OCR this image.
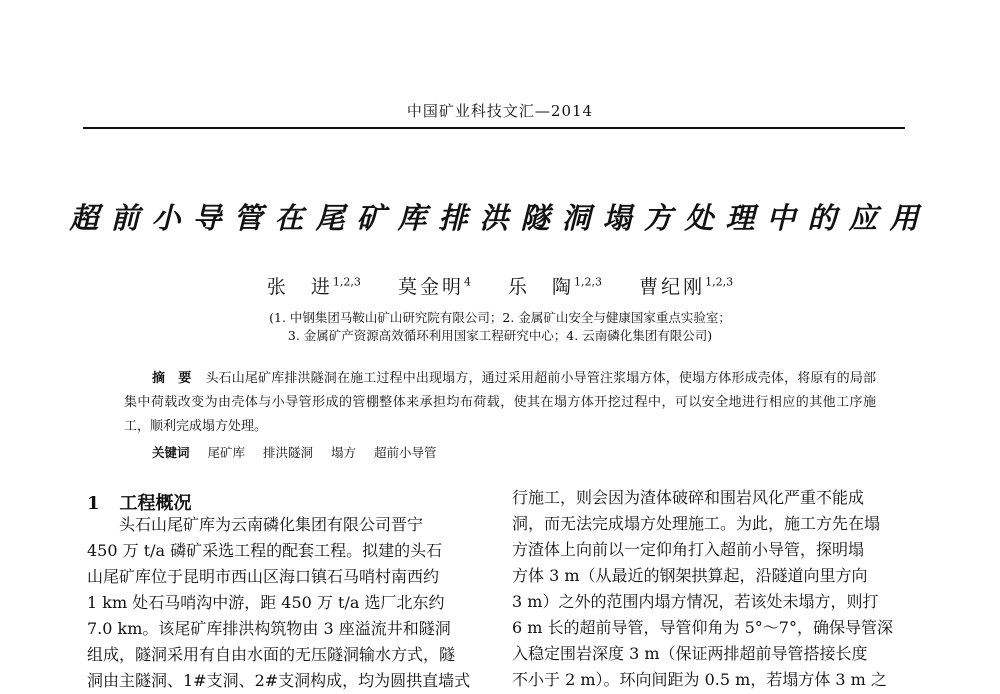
中国矿业科技文汇—2014
超前小导管在尾矿库排洪隧洞塌方处理中的应用
张　进$^{1,2,3}$ 莫金明$^4$ 乐　陶$^{1,2,3}$ 曹纪刚$^{1,2,3}$
(1. 中钢集团马鞍山矿山研究院有限公司；2. 金属矿山安全与健康国家重点实验室；
3. 金属矿产资源高效循环利用国家工程研究中心；4. 云南磷化集团有限公司)
摘　要 头石山尾矿库排洪隧洞在施工过程中出现塌方，通过采用超前小导管注浆塌方体，使塌方体形成壳体，将原有的局部集中荷载改变为由壳体与小导管形成的管棚整体来承担均布荷载，使其在塌方体开挖过程中，可以安全地进行相应的其他工序施工，顺利完成塌方处理。
关键词 尾矿库 排洪隧洞 塌方 超前小导管
1 工程概况
　　头石山尾矿库为云南磷化集团有限公司晋宁
450 万 t/a 磷矿采选工程的配套工程。拟建的头石
山尾矿库位于昆明市西山区海口镇石马哨村南西约
1 km 处石马哨沟中游，距 450 万 t/a 选厂北东约
7.0 km。该尾矿库排洪构筑物由 3 座溢流井和隧洞
组成，隧洞采用有自由水面的无压隧洞输水方式，隧
洞由主隧洞、1#支洞、2#支洞构成，均为圆拱直墙式
行施工，则会因为渣体破碎和围岩风化严重不能成
洞，而无法完成塌方处理施工。为此，施工方先在塌
方渣体上向前以一定仰角打入超前小导管，探明塌
方体 3 m（从最近的钢架拱算起，沿隧道向里方向
3 m）之外的范围内塌方情况，若该处未塌方，则打
6 m 长的超前导管，导管仰角为 5°～7°，确保导管深
入稳定围岩深度 3 m（保证两排超前导管搭接长度
不小于 2 m）。环向间距为 0.5 m，若塌方体 3 m 之
